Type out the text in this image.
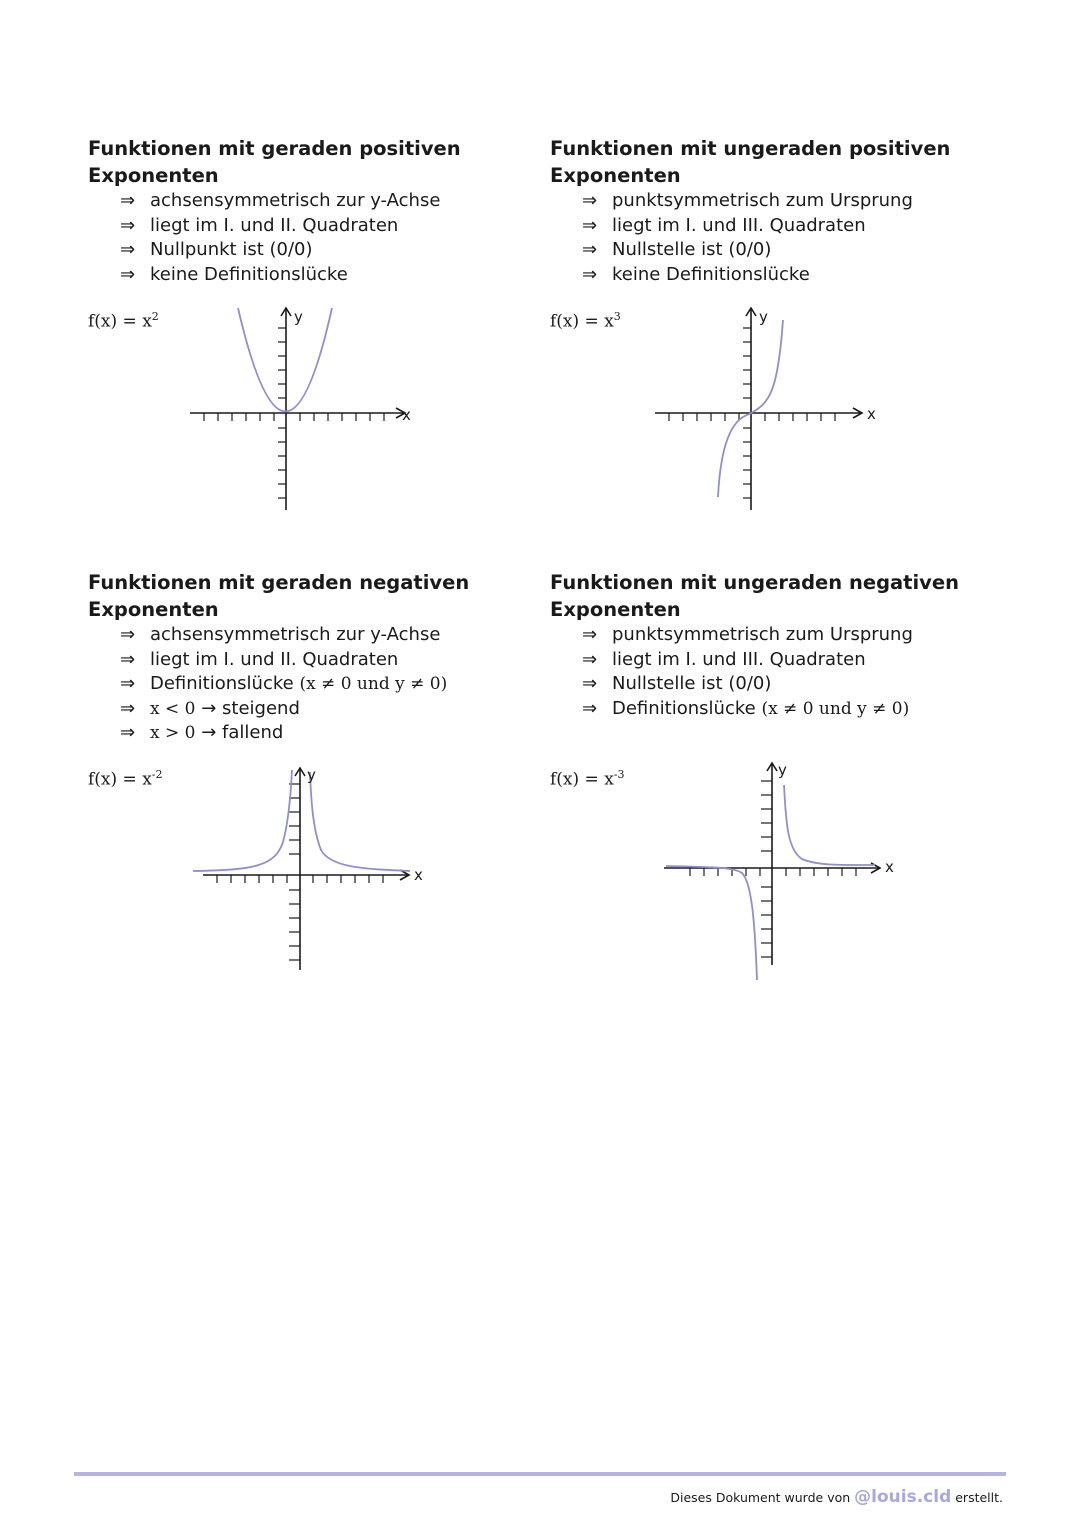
Funktionen mit geraden positiven
Exponenten
⇒ achsensymmetrisch zur y-Achse
⇒ liegt im I. und II. Quadraten
⇒ Nullpunkt ist (0/0)
⇒ keine Definitionslücke
$f(x) = x^2$
x
y
Funktionen mit ungeraden positiven
Exponenten
⇒ punktsymmetrisch zum Ursprung
⇒ liegt im I. und III. Quadraten
⇒ Nullstelle ist (0/0)
⇒ keine Definitionslücke
$f(x) = x^3$
x
y
Funktionen mit geraden negativen
Exponenten
⇒ achsensymmetrisch zur y-Achse
⇒ liegt im I. und II. Quadraten
⇒ Definitionslücke (x ≠ 0 und y ≠ 0)
⇒ x < 0 → steigend
⇒ x > 0 → fallend
$f(x) = x^{-2}$
x
y
Funktionen mit ungeraden negativen
Exponenten
⇒ punktsymmetrisch zum Ursprung
⇒ liegt im I. und III. Quadraten
⇒ Nullstelle ist (0/0)
⇒ Definitionslücke (x ≠ 0 und y ≠ 0)
$f(x) = x^{-3}$
x
y
Dieses Dokument wurde von @louis.cld erstellt.
